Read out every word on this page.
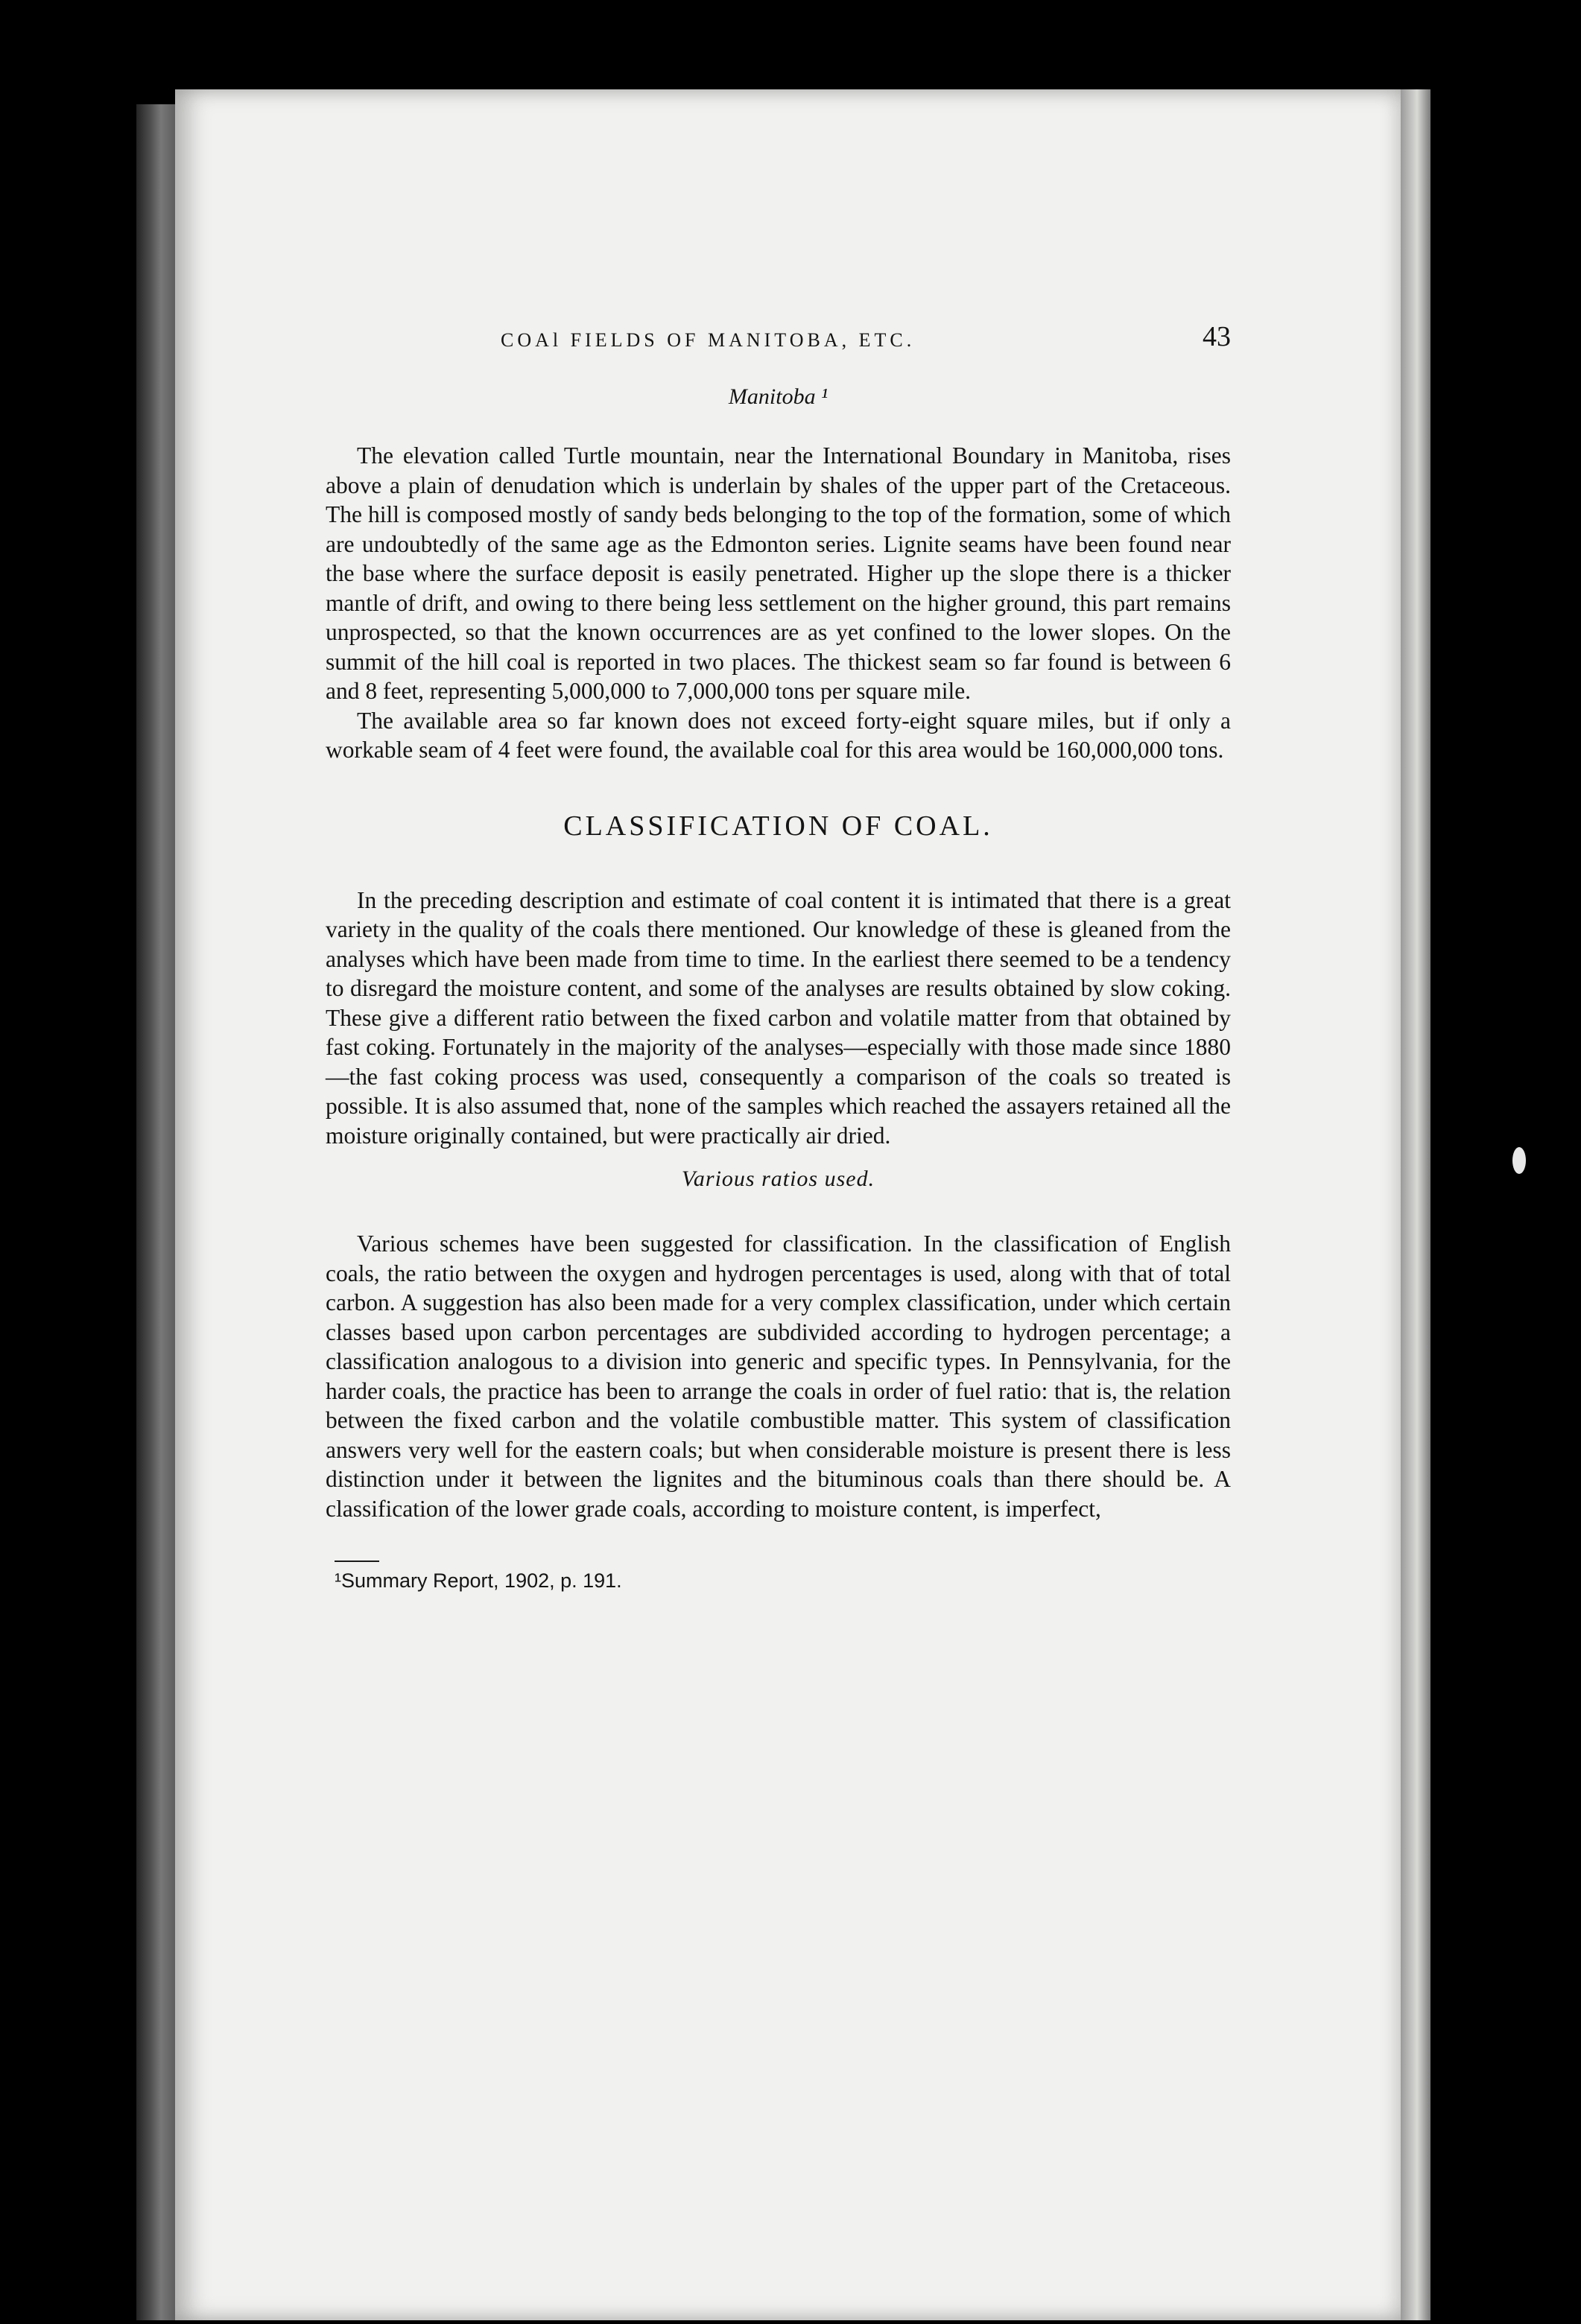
COAl FIELDS OF MANITOBA, ETC.	43
Manitoba ¹

The elevation called Turtle mountain, near the International Boundary in Manitoba, rises above a plain of denudation which is underlain by shales of the upper part of the Cretaceous. The hill is composed mostly of sandy beds belonging to the top of the formation, some of which are undoubtedly of the same age as the Edmonton series. Lignite seams have been found near the base where the surface deposit is easily penetrated. Higher up the slope there is a thicker mantle of drift, and owing to there being less settlement on the higher ground, this part remains unprospected, so that the known occurrences are as yet confined to the lower slopes. On the summit of the hill coal is reported in two places. The thickest seam so far found is between 6 and 8 feet, representing 5,000,000 to 7,000,000 tons per square mile.

The available area so far known does not exceed forty-eight square miles, but if only a workable seam of 4 feet were found, the available coal for this area would be 160,000,000 tons.

CLASSIFICATION OF COAL.

In the preceding description and estimate of coal content it is intimated that there is a great variety in the quality of the coals there mentioned. Our knowledge of these is gleaned from the analyses which have been made from time to time. In the earliest there seemed to be a tendency to disregard the moisture content, and some of the analyses are results obtained by slow coking. These give a different ratio between the fixed carbon and volatile matter from that obtained by fast coking. Fortunately in the majority of the analyses—especially with those made since 1880—the fast coking process was used, consequently a comparison of the coals so treated is possible. It is also assumed that, none of the samples which reached the assayers retained all the moisture originally contained, but were practically air dried.

Various ratios used.

Various schemes have been suggested for classification. In the classification of English coals, the ratio between the oxygen and hydrogen percentages is used, along with that of total carbon. A suggestion has also been made for a very complex classification, under which certain classes based upon carbon percentages are subdivided according to hydrogen percentage; a classification analogous to a division into generic and specific types. In Pennsylvania, for the harder coals, the practice has been to arrange the coals in order of fuel ratio: that is, the relation between the fixed carbon and the volatile combustible matter. This system of classification answers very well for the eastern coals; but when considerable moisture is present there is less distinction under it between the lignites and the bituminous coals than there should be. A classification of the lower grade coals, according to moisture content, is imperfect,

¹Summary Report, 1902, p. 191.
